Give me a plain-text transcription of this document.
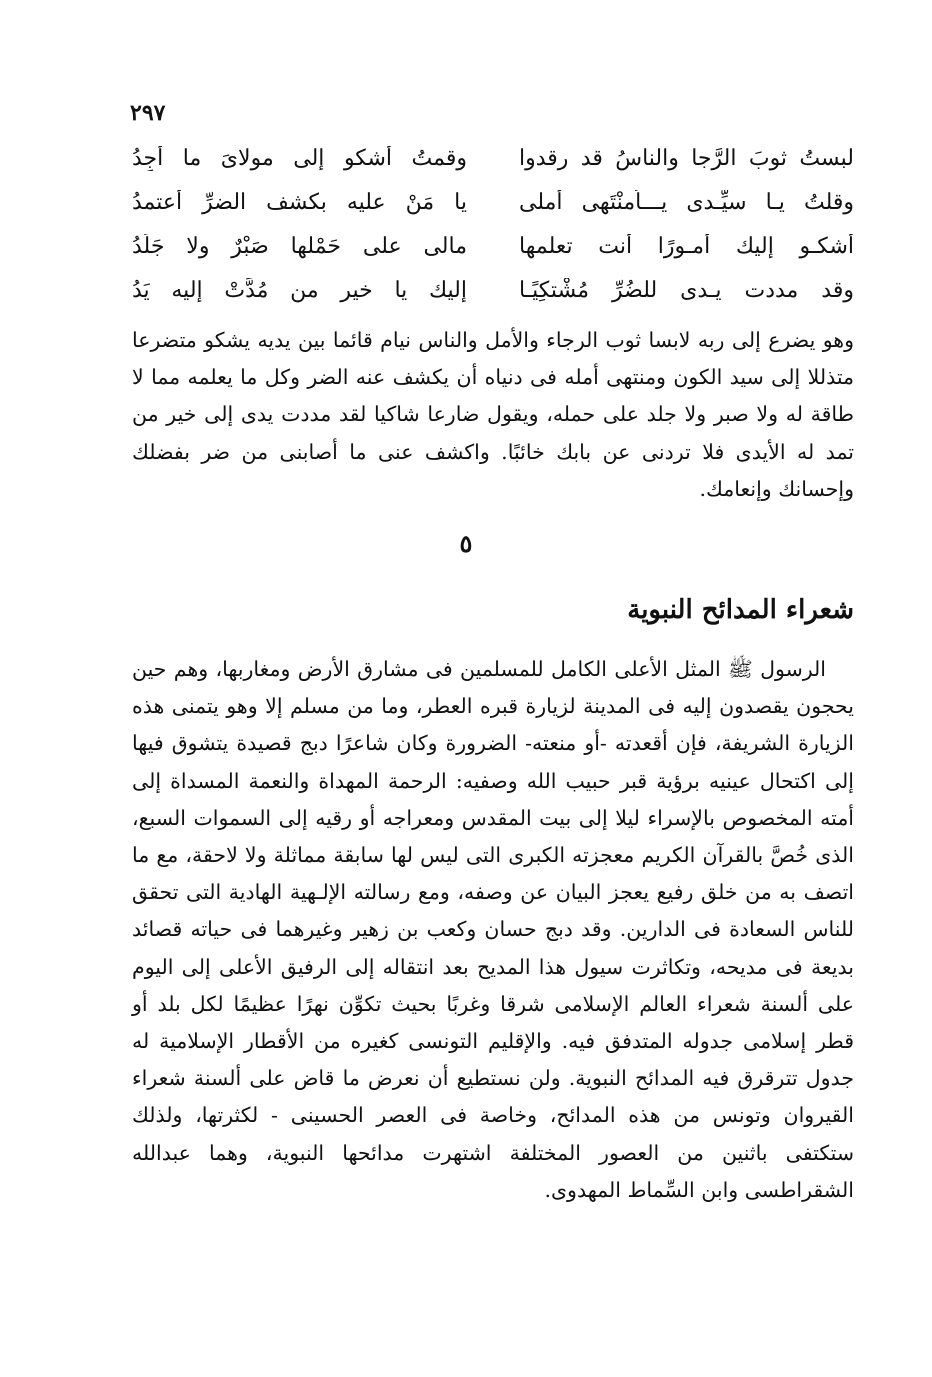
٢٩٧
لبستُ ثوبَ الرَّجا والناسُ قد رقدوا
وقمتُ أشكو إلى مولاىَ ما أجِدُ
وقلتُ يـا سيِّـدى يـــاُمنْتَهى أملى
يا مَنْ عليه بكشف الضرِّ أعتمدُ
أشكـو إليك أمـورًا أنت تعلمها
مالى على حَمْلها صَبْرٌ ولا جَلَدُ
وقد مددت يـدى للضُرِّ مُشْتكِيًـا
إليك يا خير من مُدَّتْ إليه يَدُ

وهو يضرع إلى ربه لابسا ثوب الرجاء والأمل والناس نيام قائما بين يديه يشكو متضرعا متذللا إلى سيد الكون ومنتهى أمله فى دنياه أن يكشف عنه الضر وكل ما يعلمه مما لا طاقة له ولا صبر ولا جلد على حمله، ويقول ضارعا شاكيا لقد مددت يدى إلى خير من تمد له الأيدى فلا تردنى عن بابك خائبًا. واكشف عنى ما أصابنى من ضر بفضلك وإحسانك وإنعامك.

٥
شعراء المدائح النبوية

الرسول ﷺ المثل الأعلى الكامل للمسلمين فى مشارق الأرض ومغاربها، وهم حين يحجون يقصدون إليه فى المدينة لزيارة قبره العطر، وما من مسلم إلا وهو يتمنى هذه الزيارة الشريفة، فإن أقعدته -أو منعته- الضرورة وكان شاعرًا دبج قصيدة يتشوق فيها إلى اكتحال عينيه برؤية قبر حبيب الله وصفيه: الرحمة المهداة والنعمة المسداة إلى أمته المخصوص بالإسراء ليلا إلى بيت المقدس ومعراجه أو رقيه إلى السموات السبع، الذى خُصَّ بالقرآن الكريم معجزته الكبرى التى ليس لها سابقة مماثلة ولا لاحقة، مع ما اتصف به من خلق رفيع يعجز البيان عن وصفه، ومع رسالته الإلـهية الهادية التى تحقق للناس السعادة فى الدارين. وقد دبج حسان وكعب بن زهير وغيرهما فى حياته قصائد بديعة فى مديحه، وتكاثرت سيول هذا المديح بعد انتقاله إلى الرفيق الأعلى إلى اليوم على ألسنة شعراء العالم الإسلامى شرقا وغربًا بحيث تكوِّن نهرًا عظيمًا لكل بلد أو قطر إسلامى جدوله المتدفق فيه. والإقليم التونسى كغيره من الأقطار الإسلامية له جدول تترقرق فيه المدائح النبوية. ولن نستطيع أن نعرض ما قاض على ألسنة شعراء القيروان وتونس من هذه المدائح، وخاصة فى العصر الحسينى - لكثرتها، ولذلك ستكتفى باثنين من العصور المختلفة اشتهرت مدائحها النبوية، وهما عبدالله الشقراطسى وابن السِّماط المهدوى.
